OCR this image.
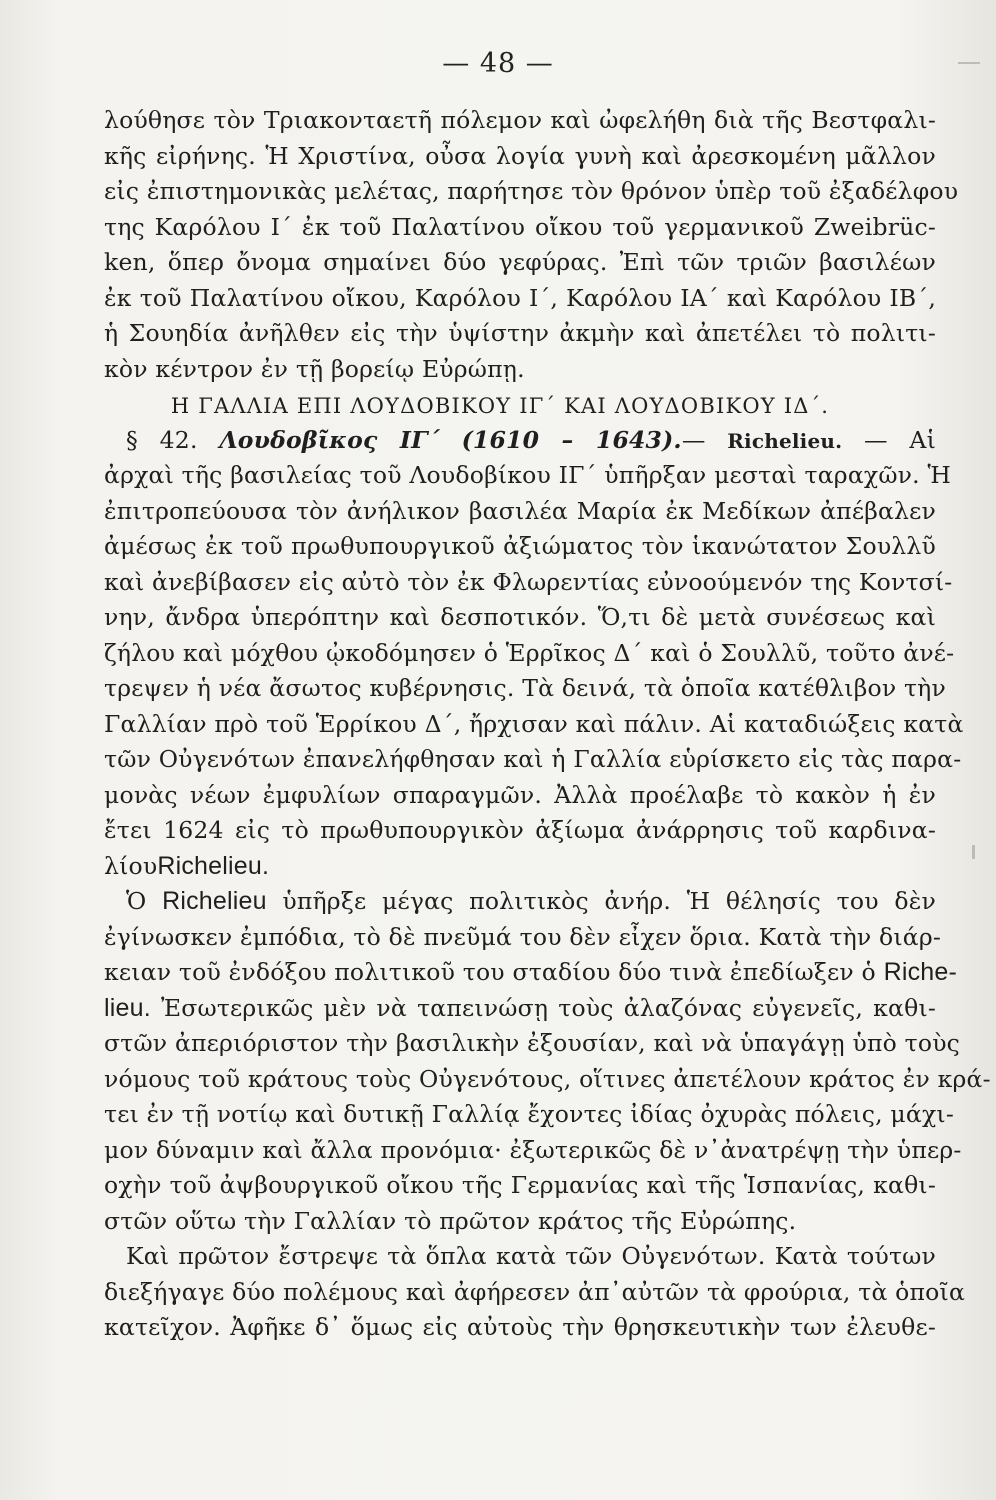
— 48 —
λούθησε τὸν Τριακονταετῆ πόλεμον καὶ ὠφελήθη διὰ τῆς Βεστφαλι-
κῆς εἰρήνης. Ἡ Χριστίνα, οὖσα λογία γυνὴ καὶ ἀρεσκομένη μᾶλλον
εἰς ἐπιστημονικὰς μελέτας, παρήτησε τὸν θρόνον ὑπὲρ τοῦ ἐξαδέλφου
της Καρόλου Ι΄ ἐκ τοῦ Παλατίνου οἴκου τοῦ γερμανικοῦ Zweibrüc-
ken, ὅπερ ὄνομα σημαίνει δύο γεφύρας. Ἐπὶ τῶν τριῶν βασιλέων
ἐκ τοῦ Παλατίνου οἴκου, Καρόλου Ι΄, Καρόλου ΙΑ΄ καὶ Καρόλου ΙΒ΄,
ἡ Σουηδία ἀνῆλθεν εἰς τὴν ὑψίστην ἀκμὴν καὶ ἀπετέλει τὸ πολιτι-
κὸν κέντρον ἐν τῇ βορείῳ Εὐρώπῃ.
Η ΓΑΛΛΙΑ ΕΠΙ ΛΟΥΔΟΒΙΚΟΥ ΙΓ΄ ΚΑΙ ΛΟΥΔΟΒΙΚΟΥ ΙΔ΄.
§ 42. Λουδοβῖκος ΙΓ΄ (1610 – 1643).— Richelieu. — Αἱ
ἀρχαὶ τῆς βασιλείας τοῦ Λουδοβίκου ΙΓ΄ ὑπῆρξαν μεσταὶ ταραχῶν. Ἡ
ἐπιτροπεύουσα τὸν ἀνήλικον βασιλέα Μαρία ἐκ Μεδίκων ἀπέβαλεν
ἀμέσως ἐκ τοῦ πρωθυπουργικοῦ ἀξιώματος τὸν ἱκανώτατον Σουλλῦ
καὶ ἀνεβίβασεν εἰς αὐτὸ τὸν ἐκ Φλωρεντίας εὐνοούμενόν της Κοντσί-
νην, ἄνδρα ὑπερόπτην καὶ δεσποτικόν. Ὅ,τι δὲ μετὰ συνέσεως καὶ
ζήλου καὶ μόχθου ᾠκοδόμησεν ὁ Ἑρρῖκος Δ΄ καὶ ὁ Σουλλῦ, τοῦτο ἀνέ-
τρεψεν ἡ νέα ἄσωτος κυβέρνησις. Τὰ δεινά, τὰ ὁποῖα κατέθλιβον τὴν
Γαλλίαν πρὸ τοῦ Ἑρρίκου Δ΄, ἤρχισαν καὶ πάλιν. Αἱ καταδιώξεις κατὰ
τῶν Οὐγενότων ἐπανελήφθησαν καὶ ἡ Γαλλία εὑρίσκετο εἰς τὰς παρα-
μονὰς νέων ἐμφυλίων σπαραγμῶν. Ἀλλὰ προέλαβε τὸ κακὸν ἡ ἐν
ἔτει 1624 εἰς τὸ πρωθυπουργικὸν ἀξίωμα ἀνάρρησις τοῦ καρδινα-
λίουRichelieu.
Ὁ Richelieu ὑπῆρξε μέγας πολιτικὸς ἀνήρ. Ἡ θέλησίς του δὲν
ἐγίνωσκεν ἐμπόδια, τὸ δὲ πνεῦμά του δὲν εἶχεν ὅρια. Κατὰ τὴν διάρ-
κειαν τοῦ ἐνδόξου πολιτικοῦ του σταδίου δύο τινὰ ἐπεδίωξεν ὁ Riche-
lieu. Ἐσωτερικῶς μὲν νὰ ταπεινώσῃ τοὺς ἀλαζόνας εὐγενεῖς, καθι-
στῶν ἀπεριόριστον τὴν βασιλικὴν ἐξουσίαν, καὶ νὰ ὑπαγάγῃ ὑπὸ τοὺς
νόμους τοῦ κράτους τοὺς Οὐγενότους, οἵτινες ἀπετέλουν κράτος ἐν κρά-
τει ἐν τῇ νοτίῳ καὶ δυτικῇ Γαλλίᾳ ἔχοντες ἰδίας ὀχυρὰς πόλεις, μάχι-
μον δύναμιν καὶ ἄλλα προνόμια· ἐξωτερικῶς δὲ ν᾽ἀνατρέψῃ τὴν ὑπερ-
οχὴν τοῦ ἀψβουργικοῦ οἴκου τῆς Γερμανίας καὶ τῆς Ἱσπανίας, καθι-
στῶν οὕτω τὴν Γαλλίαν τὸ πρῶτον κράτος τῆς Εὐρώπης.
Καὶ πρῶτον ἔστρεψε τὰ ὅπλα κατὰ τῶν Οὐγενότων. Κατὰ τούτων
διεξήγαγε δύο πολέμους καὶ ἀφήρεσεν ἀπ᾽αὐτῶν τὰ φρούρια, τὰ ὁποῖα
κατεῖχον. Ἀφῆκε δ᾽ ὅμως εἰς αὐτοὺς τὴν θρησκευτικὴν των ἐλευθε-
